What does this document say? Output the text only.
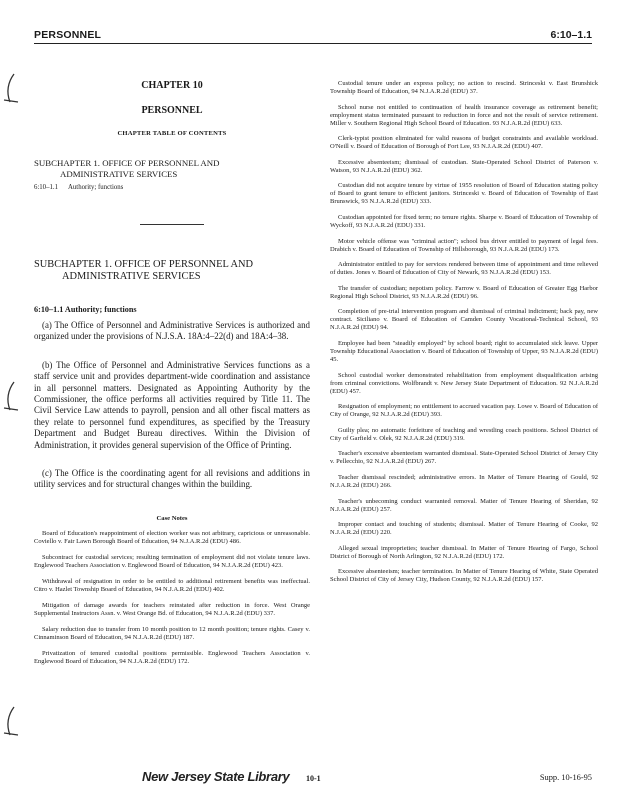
PERSONNEL	6:10–1.1
CHAPTER 10
PERSONNEL
CHAPTER TABLE OF CONTENTS
SUBCHAPTER 1. OFFICE OF PERSONNEL AND
ADMINISTRATIVE SERVICES
6:10–1.1 Authority; functions
SUBCHAPTER 1. OFFICE OF PERSONNEL AND
ADMINISTRATIVE SERVICES
6:10–1.1 Authority; functions

(a) The Office of Personnel and Administrative Services is authorized and organized under the provisions of N.J.S.A. 18A:4–22(d) and 18A:4–38.

(b) The Office of Personnel and Administrative Services functions as a staff service unit and provides department-wide coordination and assistance in all personnel matters. Designated as Appointing Authority by the Commissioner, the office performs all activities required by Title 11. The Civil Service Law attends to payroll, pension and all other fiscal matters as they relate to personnel fund expenditures, as specified by the Treasury Department and Budget Bureau directives. Within the Division of Administration, it provides general supervision of the Office of Printing.

(c) The Office is the coordinating agent for all revisions and additions in utility services and for structural changes within the building.

Case Notes

Board of Education's reappointment of election worker was not arbitrary, capricious or unreasonable. Coviello v. Fair Lawn Borough Board of Education, 94 N.J.A.R.2d (EDU) 486.

Subcontract for custodial services; resulting termination of employment did not violate tenure laws. Englewood Teachers Association v. Englewood Board of Education, 94 N.J.A.R.2d (EDU) 423.

Withdrawal of resignation in order to be entitled to additional retirement benefits was ineffectual. Citro v. Hazlet Township Board of Education, 94 N.J.A.R.2d (EDU) 402.

Mitigation of damage awards for teachers reinstated after reduction in force. West Orange Supplemental Instructors Assn. v. West Orange Bd. of Education, 94 N.J.A.R.2d (EDU) 337.

Salary reduction due to transfer from 10 month position to 12 month position; tenure rights. Casey v. Cinnaminson Board of Education, 94 N.J.A.R.2d (EDU) 187.

Privatization of tenured custodial positions permissible. Englewood Teachers Association v. Englewood Board of Education, 94 N.J.A.R.2d (EDU) 172.

Custodial tenure under an express policy; no action to rescind. Strinceski v. East Brunshick Township Board of Education, 94 N.J.A.R.2d (EDU) 37.

School nurse not entitled to continuation of health insurance coverage as retirement benefit; employment status terminated pursuant to reduction in force and not the result of service retirement. Miller v. Southern Regional High School Board of Education. 93 N.J.A.R.2d (EDU) 633.

Clerk-typist position eliminated for valid reasons of budget constraints and available workload. O'Neill v. Board of Education of Borough of Fort Lee, 93 N.J.A.R.2d (EDU) 407.

Excessive absenteeism; dismissal of custodian. State-Operated School District of Paterson v. Watson, 93 N.J.A.R.2d (EDU) 362.

Custodian did not acquire tenure by virtue of 1955 resolution of Board of Education stating policy of Board to grant tenure to efficient janitors. Strinceski v. Board of Education of Township of East Brunswick, 93 N.J.A.R.2d (EDU) 333.

Custodian appointed for fixed term; no tenure rights. Sharpe v. Board of Education of Township of Wyckoff, 93 N.J.A.R.2d (EDU) 331.

Motor vehicle offense was "criminal action"; school bus driver entitled to payment of legal fees. Drabich v. Board of Education of Township of Hillsborough, 93 N.J.A.R.2d (EDU) 173.

Administrator entitled to pay for services rendered between time of appointment and time relieved of duties. Jones v. Board of Education of City of Newark, 93 N.J.A.R.2d (EDU) 153.

The transfer of custodian; nepotism policy. Farrow v. Board of Education of Greater Egg Harbor Regional High School District, 93 N.J.A.R.2d (EDU) 96.

Completion of pre-trial intervention program and dismissal of criminal indictment; back pay, new contract. Siciliano v. Board of Education of Camden County Vocational-Technical School, 93 N.J.A.R.2d (EDU) 94.

Employee had been "steadily employed" by school board; right to accumulated sick leave. Upper Township Educational Association v. Board of Education of Township of Upper, 93 N.J.A.R.2d (EDU) 45.

School custodial worker demonstrated rehabilitation from employment disqualification arising from criminal convictions. Wolfbrandt v. New Jersey State Department of Education. 92 N.J.A.R.2d (EDU) 457.

Resignation of employment; no entitlement to accrued vacation pay. Lowe v. Board of Education of City of Orange, 92 N.J.A.R.2d (EDU) 393.

Guilty plea; no automatic forfeiture of teaching and wrestling coach positions. School District of City of Garfield v. Olek, 92 N.J.A.R.2d (EDU) 319.

Teacher's excessive absenteeism warranted dismissal. State-Operated School District of Jersey City v. Pellecchio, 92 N.J.A.R.2d (EDU) 267.

Teacher dismissal rescinded; administrative errors. In Matter of Tenure Hearing of Gould, 92 N.J.A.R.2d (EDU) 266.

Teacher's unbecoming conduct warranted removal. Matter of Tenure Hearing of Sheridan, 92 N.J.A.R.2d (EDU) 257.

Improper contact and touching of students; dismissal. Matter of Tenure Hearing of Cooke, 92 N.J.A.R.2d (EDU) 220.

Alleged sexual improprieties; teacher dismissal. In Matter of Tenure Hearing of Fargo, School District of Borough of North Arlington, 92 N.J.A.R.2d (EDU) 172.

Excessive absenteeism; teacher termination. In Matter of Tenure Hearing of White, State Operated School District of City of Jersey City, Hudson County, 92 N.J.A.R.2d (EDU) 157.

New Jersey State Library 10-1	Supp. 10-16-95
